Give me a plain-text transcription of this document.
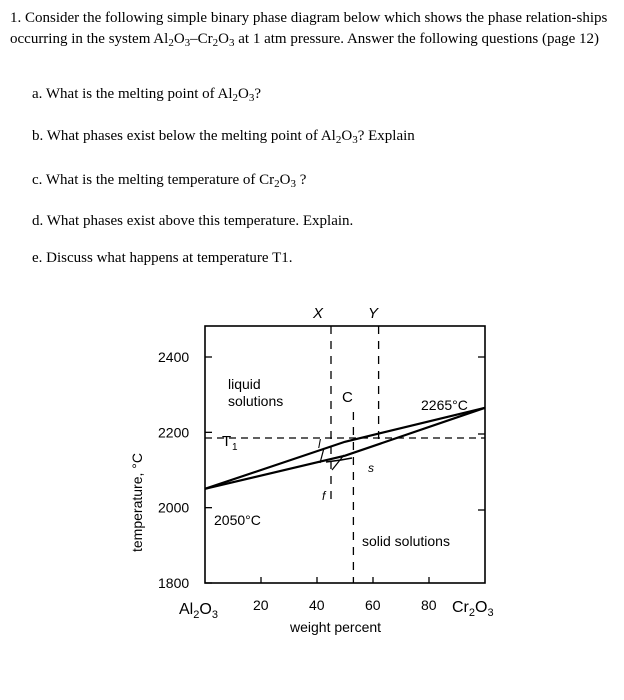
1. Consider the following simple binary phase diagram below which shows the phase relation-ships occurring in the system $Al_2O_3-Cr_2O_3$ at 1 atm pressure. Answer the following questions (page 12)
a. What is the melting point of $Al_2O_3$?
b. What phases exist below the melting point of $Al_2O_3$? Explain
c. What is the melting temperature of $Cr_2O_3$ ?
d. What phases exist above this temperature. Explain.
e. Discuss what happens at temperature T1.
2400
2200
2000
1800
20	40	60	80
liquid
solutions
solid solutions
2265°C
2050°C
T 1
X	Y
C
s
l
f
$Al_2O_3$	$Cr_2O_3$
weight percent
temperature, °C
